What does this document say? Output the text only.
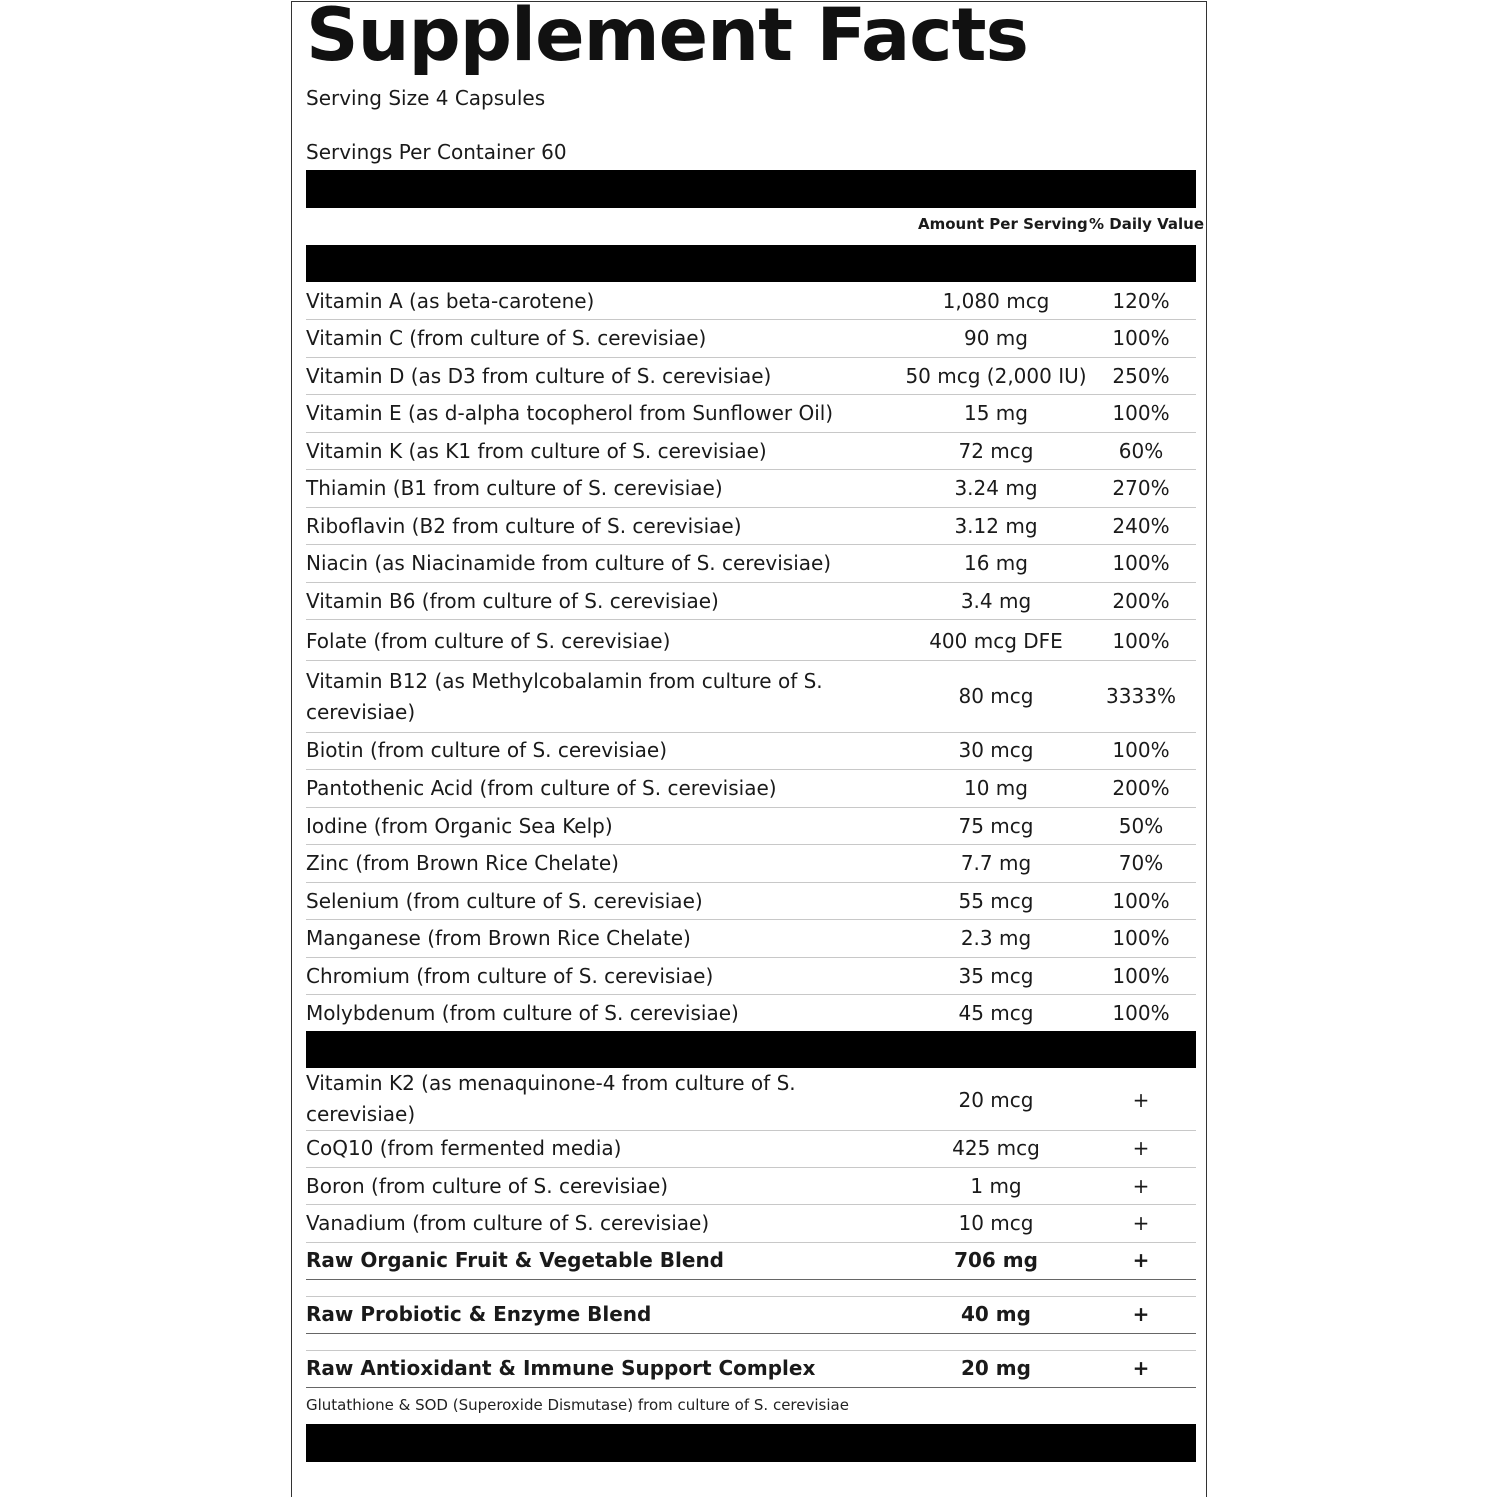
Supplement Facts
Serving Size 4 Capsules
Servings Per Container 60
Amount Per Serving % Daily Value
Vitamin A (as beta-carotene)	1,080 mcg	120%
Vitamin C (from culture of S. cerevisiae)	90 mg	100%
Vitamin D (as D3 from culture of S. cerevisiae)	50 mcg (2,000 IU)	250%
Vitamin E (as d-alpha tocopherol from Sunflower Oil)	15 mg	100%
Vitamin K (as K1 from culture of S. cerevisiae)	72 mcg	60%
Thiamin (B1 from culture of S. cerevisiae)	3.24 mg	270%
Riboflavin (B2 from culture of S. cerevisiae)	3.12 mg	240%
Niacin (as Niacinamide from culture of S. cerevisiae)	16 mg	100%
Vitamin B6 (from culture of S. cerevisiae)	3.4 mg	200%
Folate (from culture of S. cerevisiae)	400 mcg DFE	100%
Vitamin B12 (as Methylcobalamin from culture of S. cerevisiae)
80 mcg	3333%
Biotin (from culture of S. cerevisiae)	30 mcg	100%
Pantothenic Acid (from culture of S. cerevisiae)	10 mg	200%
Iodine (from Organic Sea Kelp)	75 mcg	50%
Zinc (from Brown Rice Chelate)	7.7 mg	70%
Selenium (from culture of S. cerevisiae)	55 mcg	100%
Manganese (from Brown Rice Chelate)	2.3 mg	100%
Chromium (from culture of S. cerevisiae)	35 mcg	100%
Molybdenum (from culture of S. cerevisiae)	45 mcg	100%
Vitamin K2 (as menaquinone-4 from culture of S. cerevisiae)
20 mcg	+
CoQ10 (from fermented media)	425 mcg	+
Boron (from culture of S. cerevisiae)	1 mg	+
Vanadium (from culture of S. cerevisiae)	10 mcg	+
Raw Organic Fruit & Vegetable Blend	706 mg	+
Raw Probiotic & Enzyme Blend	40 mg	+
Raw Antioxidant & Immune Support Complex	20 mg	+
Glutathione & SOD (Superoxide Dismutase) from culture of S. cerevisiae
